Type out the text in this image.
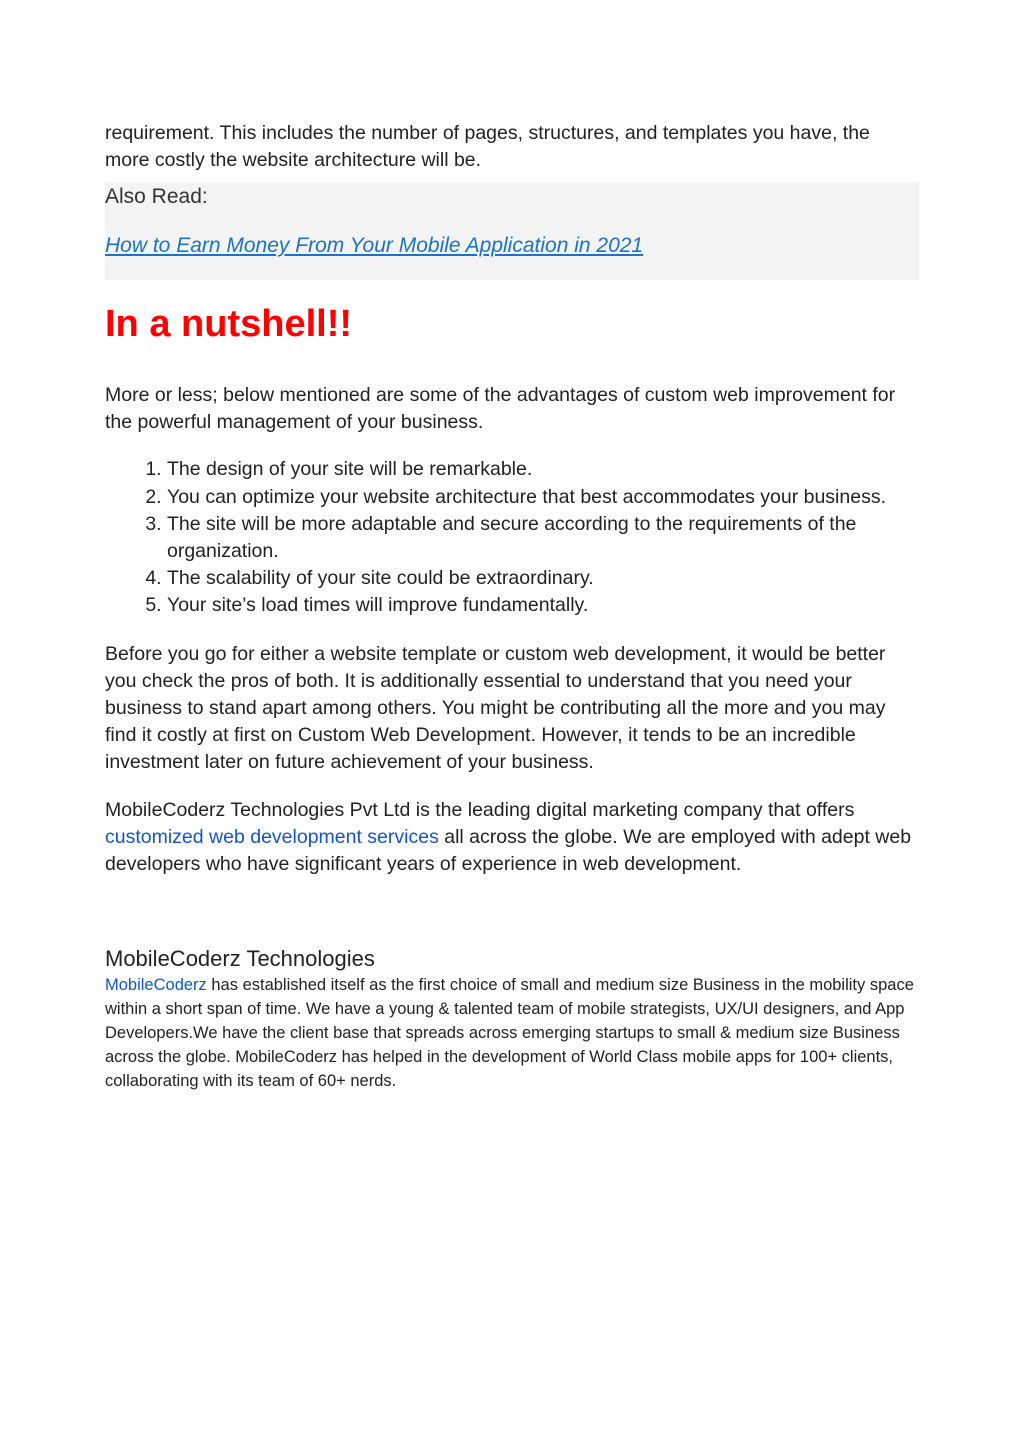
requirement. This includes the number of pages, structures, and templates you have, the more costly the website architecture will be.

Also Read:

How to Earn Money From Your Mobile Application in 2021

In a nutshell!!

More or less; below mentioned are some of the advantages of custom web improvement for the powerful management of your business.

1. The design of your site will be remarkable.
2. You can optimize your website architecture that best accommodates your business.
3. The site will be more adaptable and secure according to the requirements of the organization.
4. The scalability of your site could be extraordinary.
5. Your site’s load times will improve fundamentally.

Before you go for either a website template or custom web development, it would be better you check the pros of both. It is additionally essential to understand that you need your business to stand apart among others. You might be contributing all the more and you may find it costly at first on Custom Web Development. However, it tends to be an incredible investment later on future achievement of your business.

MobileCoderz Technologies Pvt Ltd is the leading digital marketing company that offers customized web development services all across the globe. We are employed with adept web developers who have significant years of experience in web development.

MobileCoderz Technologies

MobileCoderz has established itself as the first choice of small and medium size Business in the mobility space within a short span of time. We have a young & talented team of mobile strategists, UX/UI designers, and App Developers.We have the client base that spreads across emerging startups to small & medium size Business across the globe. MobileCoderz has helped in the development of World Class mobile apps for 100+ clients, collaborating with its team of 60+ nerds.
